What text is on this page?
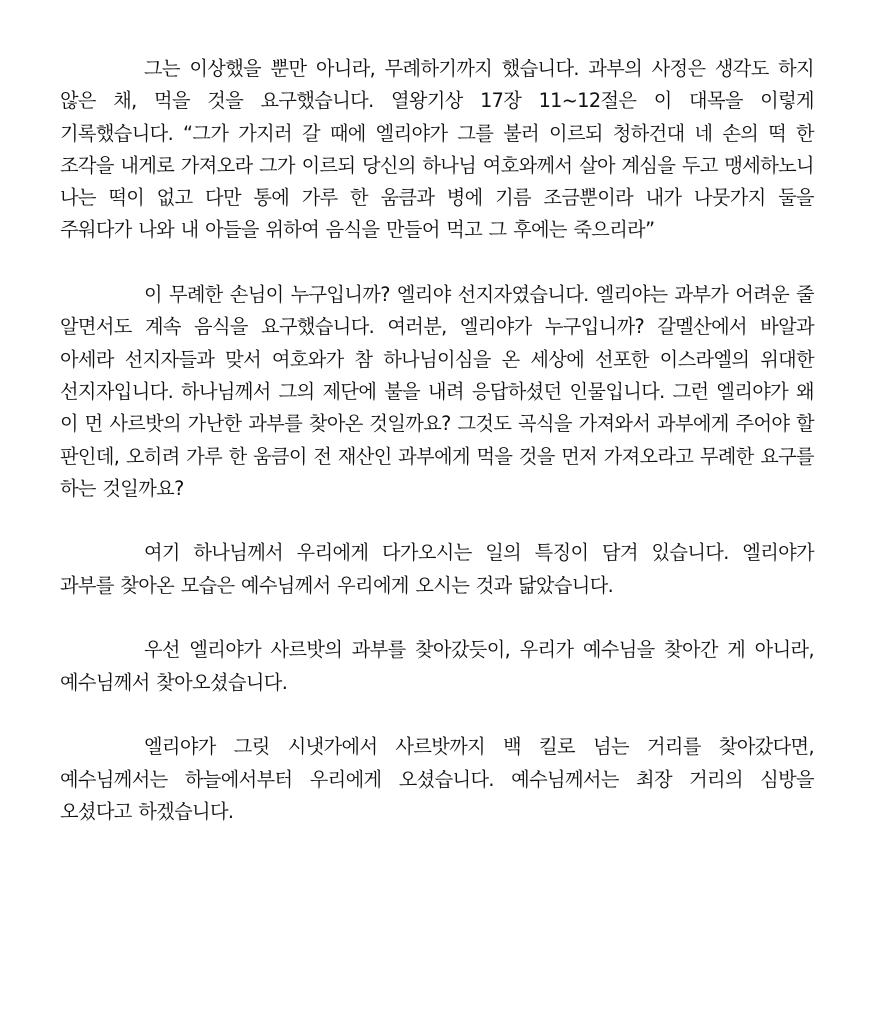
그는 이상했을 뿐만 아니라, 무례하기까지 했습니다. 과부의 사정은 생각도 하지 않은 채, 먹을 것을 요구했습니다. 열왕기상 17장 11~12절은 이 대목을 이렇게 기록했습니다. “그가 가지러 갈 때에 엘리야가 그를 불러 이르되 청하건대 네 손의 떡 한 조각을 내게로 가져오라 그가 이르되 당신의 하나님 여호와께서 살아 계심을 두고 맹세하노니 나는 떡이 없고 다만 통에 가루 한 움큼과 병에 기름 조금뿐이라 내가 나뭇가지 둘을 주워다가 나와 내 아들을 위하여 음식을 만들어 먹고 그 후에는 죽으리라”

이 무례한 손님이 누구입니까? 엘리야 선지자였습니다. 엘리야는 과부가 어려운 줄 알면서도 계속 음식을 요구했습니다. 여러분, 엘리야가 누구입니까? 갈멜산에서 바알과 아세라 선지자들과 맞서 여호와가 참 하나님이심을 온 세상에 선포한 이스라엘의 위대한 선지자입니다. 하나님께서 그의 제단에 불을 내려 응답하셨던 인물입니다. 그런 엘리야가 왜 이 먼 사르밧의 가난한 과부를 찾아온 것일까요? 그것도 곡식을 가져와서 과부에게 주어야 할 판인데, 오히려 가루 한 움큼이 전 재산인 과부에게 먹을 것을 먼저 가져오라고 무례한 요구를 하는 것일까요?

여기 하나님께서 우리에게 다가오시는 일의 특징이 담겨 있습니다. 엘리야가 과부를 찾아온 모습은 예수님께서 우리에게 오시는 것과 닮았습니다.

우선 엘리야가 사르밧의 과부를 찾아갔듯이, 우리가 예수님을 찾아간 게 아니라, 예수님께서 찾아오셨습니다.

엘리야가 그릿 시냇가에서 사르밧까지 백 킬로 넘는 거리를 찾아갔다면, 예수님께서는 하늘에서부터 우리에게 오셨습니다. 예수님께서는 최장 거리의 심방을 오셨다고 하겠습니다.
